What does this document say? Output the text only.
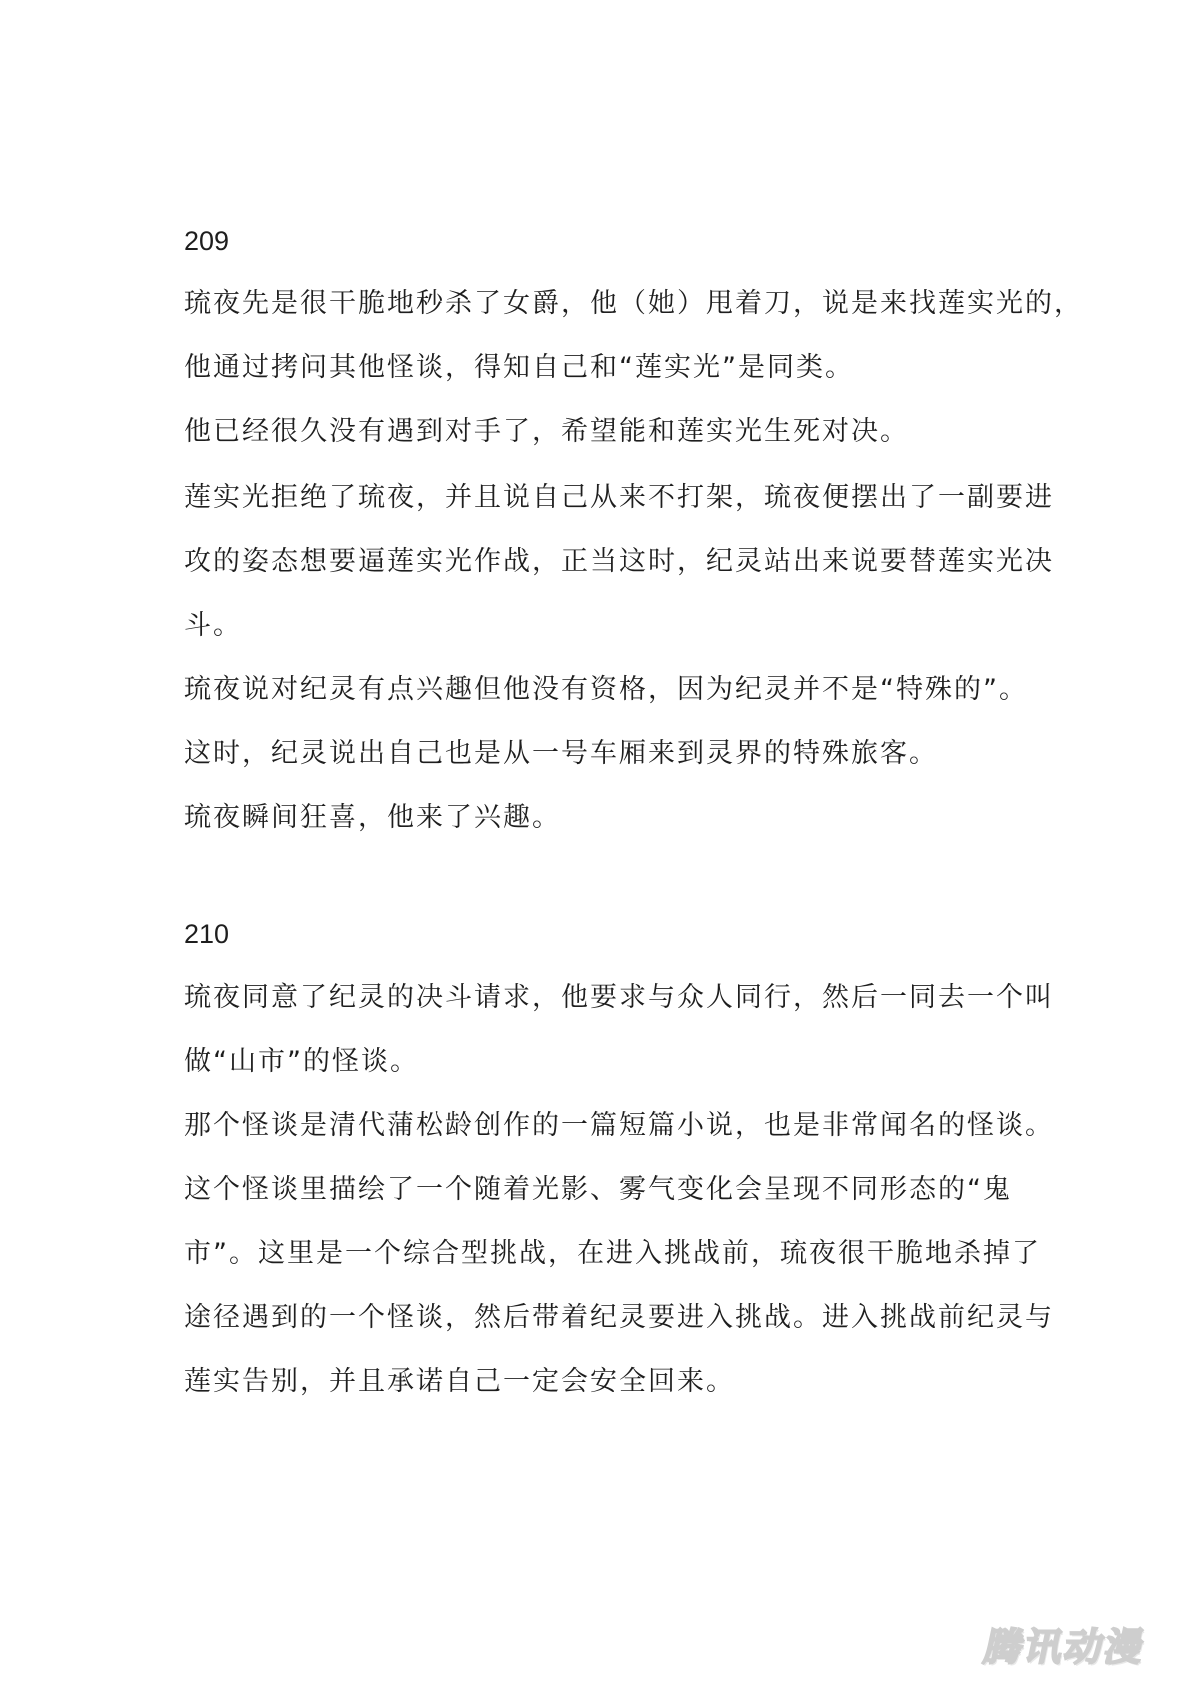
209
琉夜先是很干脆地秒杀了女爵，他（她）甩着刀，说是来找莲实光的，
他通过拷问其他怪谈，得知自己和“莲实光”是同类。
他已经很久没有遇到对手了，希望能和莲实光生死对决。
莲实光拒绝了琉夜，并且说自己从来不打架，琉夜便摆出了一副要进
攻的姿态想要逼莲实光作战，正当这时，纪灵站出来说要替莲实光决
斗。
琉夜说对纪灵有点兴趣但他没有资格，因为纪灵并不是“特殊的”。
这时，纪灵说出自己也是从一号车厢来到灵界的特殊旅客。
琉夜瞬间狂喜，他来了兴趣。
210
琉夜同意了纪灵的决斗请求，他要求与众人同行，然后一同去一个叫
做“山市”的怪谈。
那个怪谈是清代蒲松龄创作的一篇短篇小说，也是非常闻名的怪谈。
这个怪谈里描绘了一个随着光影、雾气变化会呈现不同形态的“鬼
市”。这里是一个综合型挑战，在进入挑战前，琉夜很干脆地杀掉了
途径遇到的一个怪谈，然后带着纪灵要进入挑战。进入挑战前纪灵与
莲实告别，并且承诺自己一定会安全回来。
腾讯动漫
